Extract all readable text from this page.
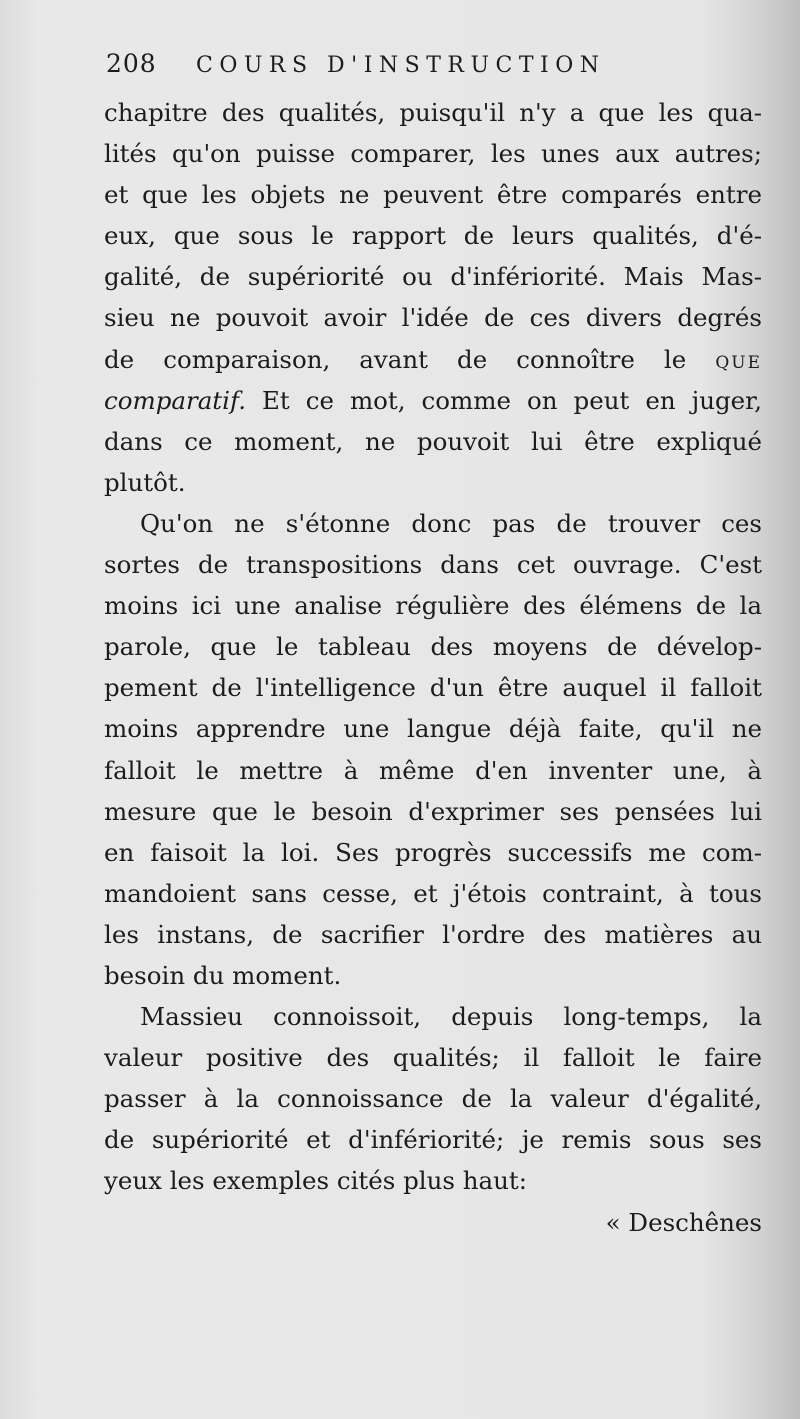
208 COURS D'INSTRUCTION
chapitre des qualités, puisqu'il n'y a que les qua-
lités qu'on puisse comparer, les unes aux autres;
et que les objets ne peuvent être comparés entre
eux, que sous le rapport de leurs qualités, d'é-
galité, de supériorité ou d'infériorité. Mais Mas-
sieu ne pouvoit avoir l'idée de ces divers degrés
de comparaison, avant de connoître le que
comparatif. Et ce mot, comme on peut en juger,
dans ce moment, ne pouvoit lui être expliqué
plutôt.
Qu'on ne s'étonne donc pas de trouver ces
sortes de transpositions dans cet ouvrage. C'est
moins ici une analise régulière des élémens de la
parole, que le tableau des moyens de dévelop-
pement de l'intelligence d'un être auquel il falloit
moins apprendre une langue déjà faite, qu'il ne
falloit le mettre à même d'en inventer une, à
mesure que le besoin d'exprimer ses pensées lui
en faisoit la loi. Ses progrès successifs me com-
mandoient sans cesse, et j'étois contraint, à tous
les instans, de sacrifier l'ordre des matières au
besoin du moment.
Massieu connoissoit, depuis long-temps, la
valeur positive des qualités; il falloit le faire
passer à la connoissance de la valeur d'égalité,
de supériorité et d'infériorité; je remis sous ses
yeux les exemples cités plus haut:
« Deschênes
